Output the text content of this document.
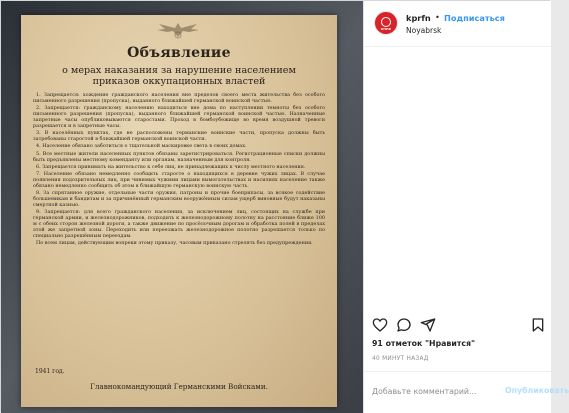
Объявление
о мерах наказания за нарушение населением
приказов оккупационных властей

1. Запрещается: хождение гражданского населения вне пределов своего места жительства без особого письменного разрешения (пропуска), выданного ближайшей германской воинской частью.

2. Запрещается: гражданскому населению находиться вне дома по наступлении темноты без особого письменного разрешения (пропуска), выданного ближайшей германской воинской частью. Назначенные запретные часы опубликовываются старостами. Проход в бомбоубежище во время воздушной тревоги разрешается и в запретные часы.

3. В населённых пунктах, где не расположены германские воинские части, пропуска должны быть затребованы старостой в ближайшей германской воинской части.

4. Население обязано заботиться о тщательной маскировке света в своих домах.

5. Все местные жители населенных пунктов обязаны зарегистрироваться. Регистрационные списки должны быть предъявлены местному коменданту или органам, назначенным для контроля.

6. Запрещается принимать на жительство к себе лиц, не принадлежащих к числу местного населения.

7. Население обязано немедленно сообщить старосте о находящихся в деревне чужих лицах. В случае появления подозрительных лиц, при чинимых чужими лицами вымогательствах и насилиях население также обязано немедленно сообщить об этом в ближайшую германскую воинскую часть.

8. За спрятанное оружие, отдельные части оружия, патроны и прочие боеприпасы, за всякое содействие большевикам и бандитам и за причинённый германским вооружённым силам ущерб виновные будут наказаны смертной казнью.

9. Запрещается: для всего гражданского населения, за исключением лиц, состоящих на службе при германской армии, и железнодорожников, подходить к железнодорожному полотну на расстояние ближе 100 м с обеих сторон железной дороги, а также движение по просёлочным дорогам и обработка полей в пределах этой же запретной зоны. Переходить или переезжать железнодорожное полотно разрешается только по специально разрешённым переездам.

По всем лицам, действующим вопреки этому приказу, часовым приказано стрелять без предупреждения.

1941 год.
Главнокомандующий Германскими Войсками.
КПРФ
kprfn • Подписаться
Noyabrsk
91 отметок "Нравится"
40 МИНУТ НАЗАД
Добавьте комментарий...
Опубликовать
